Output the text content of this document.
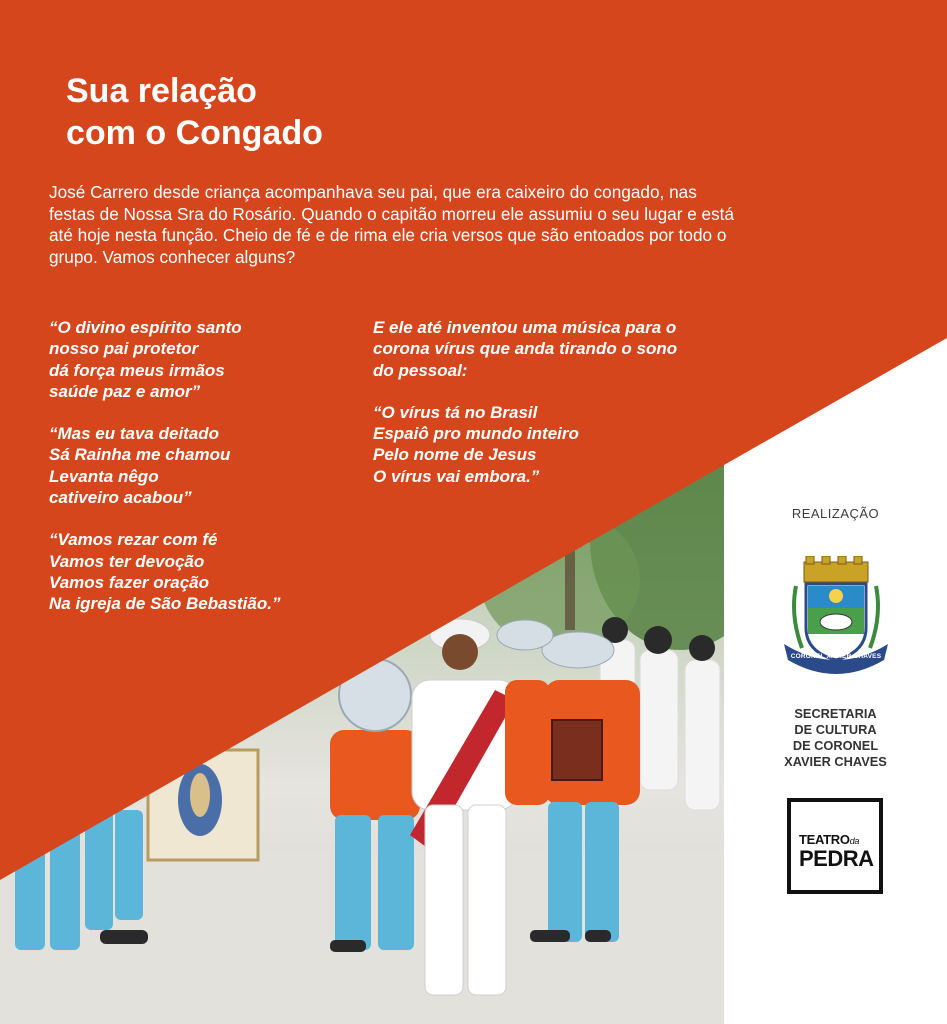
Sua relação
com o Congado

José Carrero desde criança acompanhava seu pai, que era caixeiro do congado, nas festas de Nossa Sra do Rosário. Quando o capitão morreu ele assumiu o seu lugar e está até hoje nesta função. Cheio de fé e de rima ele cria versos que são entoados por todo o grupo. Vamos conhecer alguns?

“O divino espírito santo
nosso pai protetor
dá força meus irmãos
saúde paz e amor”

“Mas eu tava deitado
Sá Rainha me chamou
Levanta nêgo
cativeiro acabou”

“Vamos rezar com fé
Vamos ter devoção
Vamos fazer oração
Na igreja de São Bebastião.”

E ele até inventou uma música para o
corona vírus que anda tirando o sono
do pessoal:

“O vírus tá no Brasil
Espaiô pro mundo inteiro
Pelo nome de Jesus
O vírus vai embora.”

REALIZAÇÃO
CORONEL XAVIER CHAVES
SECRETARIA
DE CULTURA
DE CORONEL
XAVIER CHAVES
TEATROda
PEDRA
